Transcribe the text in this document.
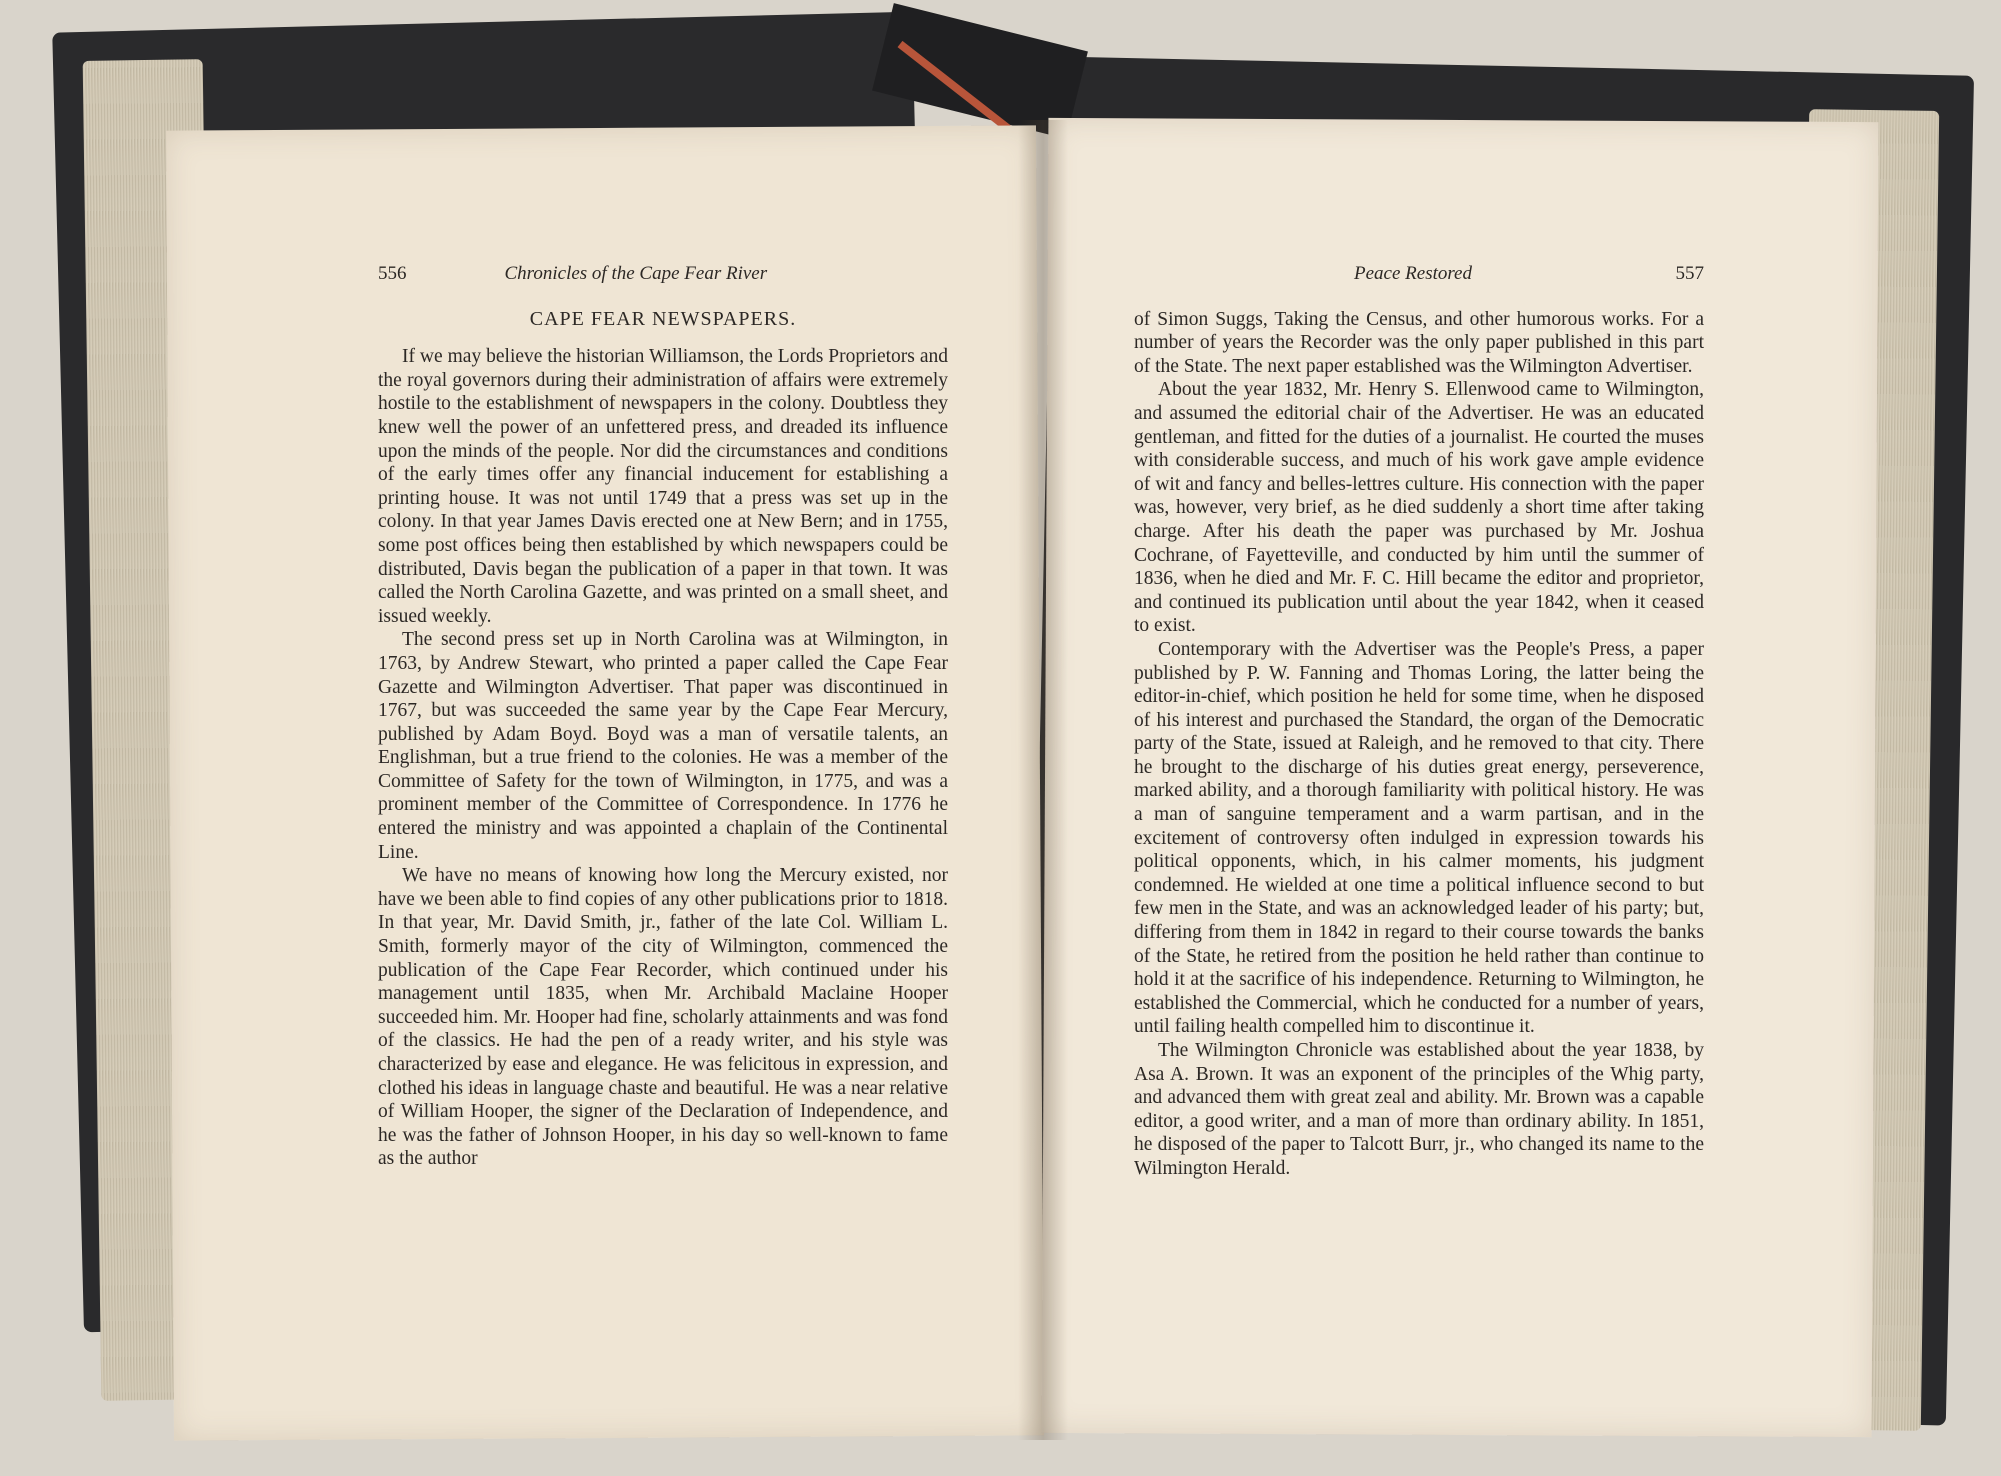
556	Chronicles of the Cape Fear River
CAPE FEAR NEWSPAPERS.

If we may believe the historian Williamson, the Lords Proprietors and the royal governors during their administration of affairs were extremely hostile to the establishment of newspapers in the colony. Doubtless they knew well the power of an unfettered press, and dreaded its influence upon the minds of the people. Nor did the circumstances and conditions of the early times offer any financial inducement for establishing a printing house. It was not until 1749 that a press was set up in the colony. In that year James Davis erected one at New Bern; and in 1755, some post offices being then established by which newspapers could be distributed, Davis began the publication of a paper in that town. It was called the North Carolina Gazette, and was printed on a small sheet, and issued weekly.

The second press set up in North Carolina was at Wilmington, in 1763, by Andrew Stewart, who printed a paper called the Cape Fear Gazette and Wilmington Advertiser. That paper was discontinued in 1767, but was succeeded the same year by the Cape Fear Mercury, published by Adam Boyd. Boyd was a man of versatile talents, an Englishman, but a true friend to the colonies. He was a member of the Committee of Safety for the town of Wilmington, in 1775, and was a prominent member of the Committee of Correspondence. In 1776 he entered the ministry and was appointed a chaplain of the Continental Line.

We have no means of knowing how long the Mercury existed, nor have we been able to find copies of any other publications prior to 1818. In that year, Mr. David Smith, jr., father of the late Col. William L. Smith, formerly mayor of the city of Wilmington, commenced the publication of the Cape Fear Recorder, which continued under his management until 1835, when Mr. Archibald Maclaine Hooper succeeded him. Mr. Hooper had fine, scholarly attainments and was fond of the classics. He had the pen of a ready writer, and his style was characterized by ease and elegance. He was felicitous in expression, and clothed his ideas in language chaste and beautiful. He was a near relative of William Hooper, the signer of the Declaration of Independence, and he was the father of Johnson Hooper, in his day so well-known to fame as the author

Peace Restored	557

of Simon Suggs, Taking the Census, and other humorous works. For a number of years the Recorder was the only paper published in this part of the State. The next paper established was the Wilmington Advertiser.

About the year 1832, Mr. Henry S. Ellenwood came to Wilmington, and assumed the editorial chair of the Advertiser. He was an educated gentleman, and fitted for the duties of a journalist. He courted the muses with considerable success, and much of his work gave ample evidence of wit and fancy and belles-lettres culture. His connection with the paper was, however, very brief, as he died suddenly a short time after taking charge. After his death the paper was purchased by Mr. Joshua Cochrane, of Fayetteville, and conducted by him until the summer of 1836, when he died and Mr. F. C. Hill became the editor and proprietor, and continued its publication until about the year 1842, when it ceased to exist.

Contemporary with the Advertiser was the People's Press, a paper published by P. W. Fanning and Thomas Loring, the latter being the editor-in-chief, which position he held for some time, when he disposed of his interest and purchased the Standard, the organ of the Democratic party of the State, issued at Raleigh, and he removed to that city. There he brought to the discharge of his duties great energy, perseverence, marked ability, and a thorough familiarity with political history. He was a man of sanguine temperament and a warm partisan, and in the excitement of controversy often indulged in expression towards his political opponents, which, in his calmer moments, his judgment condemned. He wielded at one time a political influence second to but few men in the State, and was an acknowledged leader of his party; but, differing from them in 1842 in regard to their course towards the banks of the State, he retired from the position he held rather than continue to hold it at the sacrifice of his independence. Returning to Wilmington, he established the Commercial, which he conducted for a number of years, until failing health compelled him to discontinue it.

The Wilmington Chronicle was established about the year 1838, by Asa A. Brown. It was an exponent of the principles of the Whig party, and advanced them with great zeal and ability. Mr. Brown was a capable editor, a good writer, and a man of more than ordinary ability. In 1851, he disposed of the paper to Talcott Burr, jr., who changed its name to the Wilmington Herald.
